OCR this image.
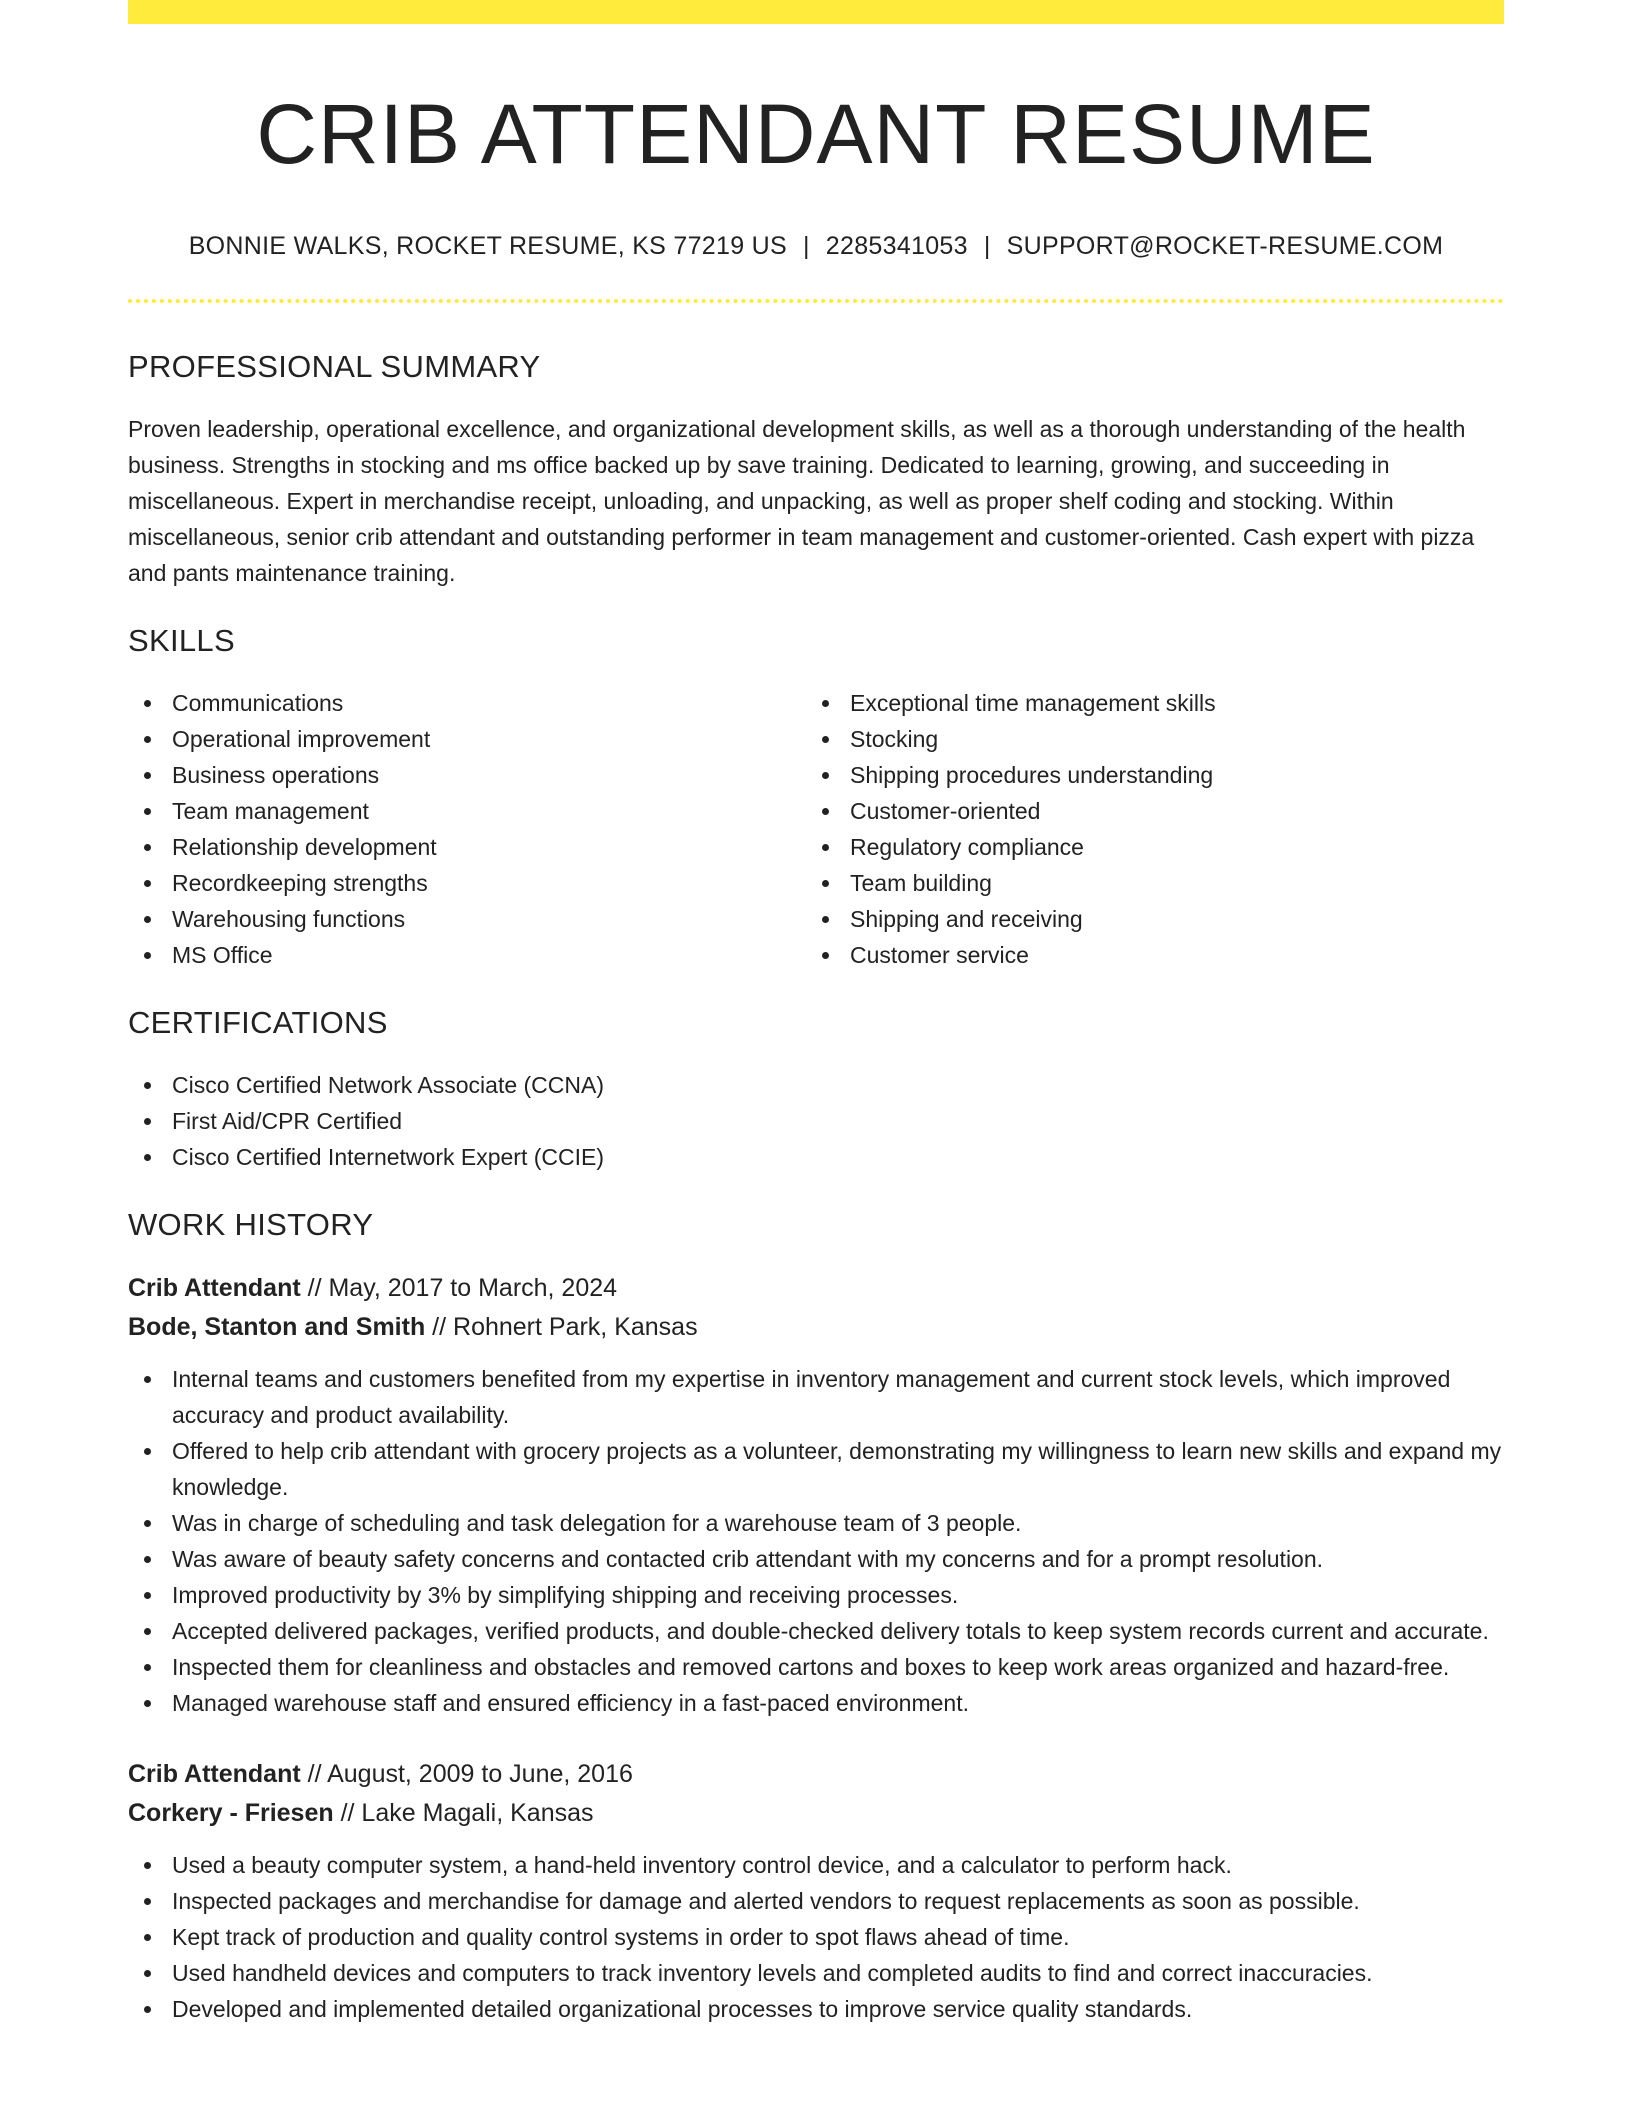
CRIB ATTENDANT RESUME
BONNIE WALKS, ROCKET RESUME, KS 77219 US | 2285341053 | SUPPORT@ROCKET-RESUME.COM
PROFESSIONAL SUMMARY

Proven leadership, operational excellence, and organizational development skills, as well as a thorough understanding of the health business. Strengths in stocking and ms office backed up by save training. Dedicated to learning, growing, and succeeding in miscellaneous. Expert in merchandise receipt, unloading, and unpacking, as well as proper shelf coding and stocking. Within miscellaneous, senior crib attendant and outstanding performer in team management and customer-oriented. Cash expert with pizza and pants maintenance training.

SKILLS
Communications
Operational improvement
Business operations
Team management
Relationship development
Recordkeeping strengths
Warehousing functions
MS Office
Exceptional time management skills
Stocking
Shipping procedures understanding
Customer-oriented
Regulatory compliance
Team building
Shipping and receiving
Customer service
CERTIFICATIONS
Cisco Certified Network Associate (CCNA)
First Aid/CPR Certified
Cisco Certified Internetwork Expert (CCIE)
WORK HISTORY
Crib Attendant // May, 2017 to March, 2024
Bode, Stanton and Smith // Rohnert Park, Kansas
Internal teams and customers benefited from my expertise in inventory management and current stock levels, which improved accuracy and product availability.
Offered to help crib attendant with grocery projects as a volunteer, demonstrating my willingness to learn new skills and expand my knowledge.
Was in charge of scheduling and task delegation for a warehouse team of 3 people.
Was aware of beauty safety concerns and contacted crib attendant with my concerns and for a prompt resolution.
Improved productivity by 3% by simplifying shipping and receiving processes.
Accepted delivered packages, verified products, and double-checked delivery totals to keep system records current and accurate.
Inspected them for cleanliness and obstacles and removed cartons and boxes to keep work areas organized and hazard-free.
Managed warehouse staff and ensured efficiency in a fast-paced environment.
Crib Attendant // August, 2009 to June, 2016
Corkery - Friesen // Lake Magali, Kansas
Used a beauty computer system, a hand-held inventory control device, and a calculator to perform hack.
Inspected packages and merchandise for damage and alerted vendors to request replacements as soon as possible.
Kept track of production and quality control systems in order to spot flaws ahead of time.
Used handheld devices and computers to track inventory levels and completed audits to find and correct inaccuracies.
Developed and implemented detailed organizational processes to improve service quality standards.
